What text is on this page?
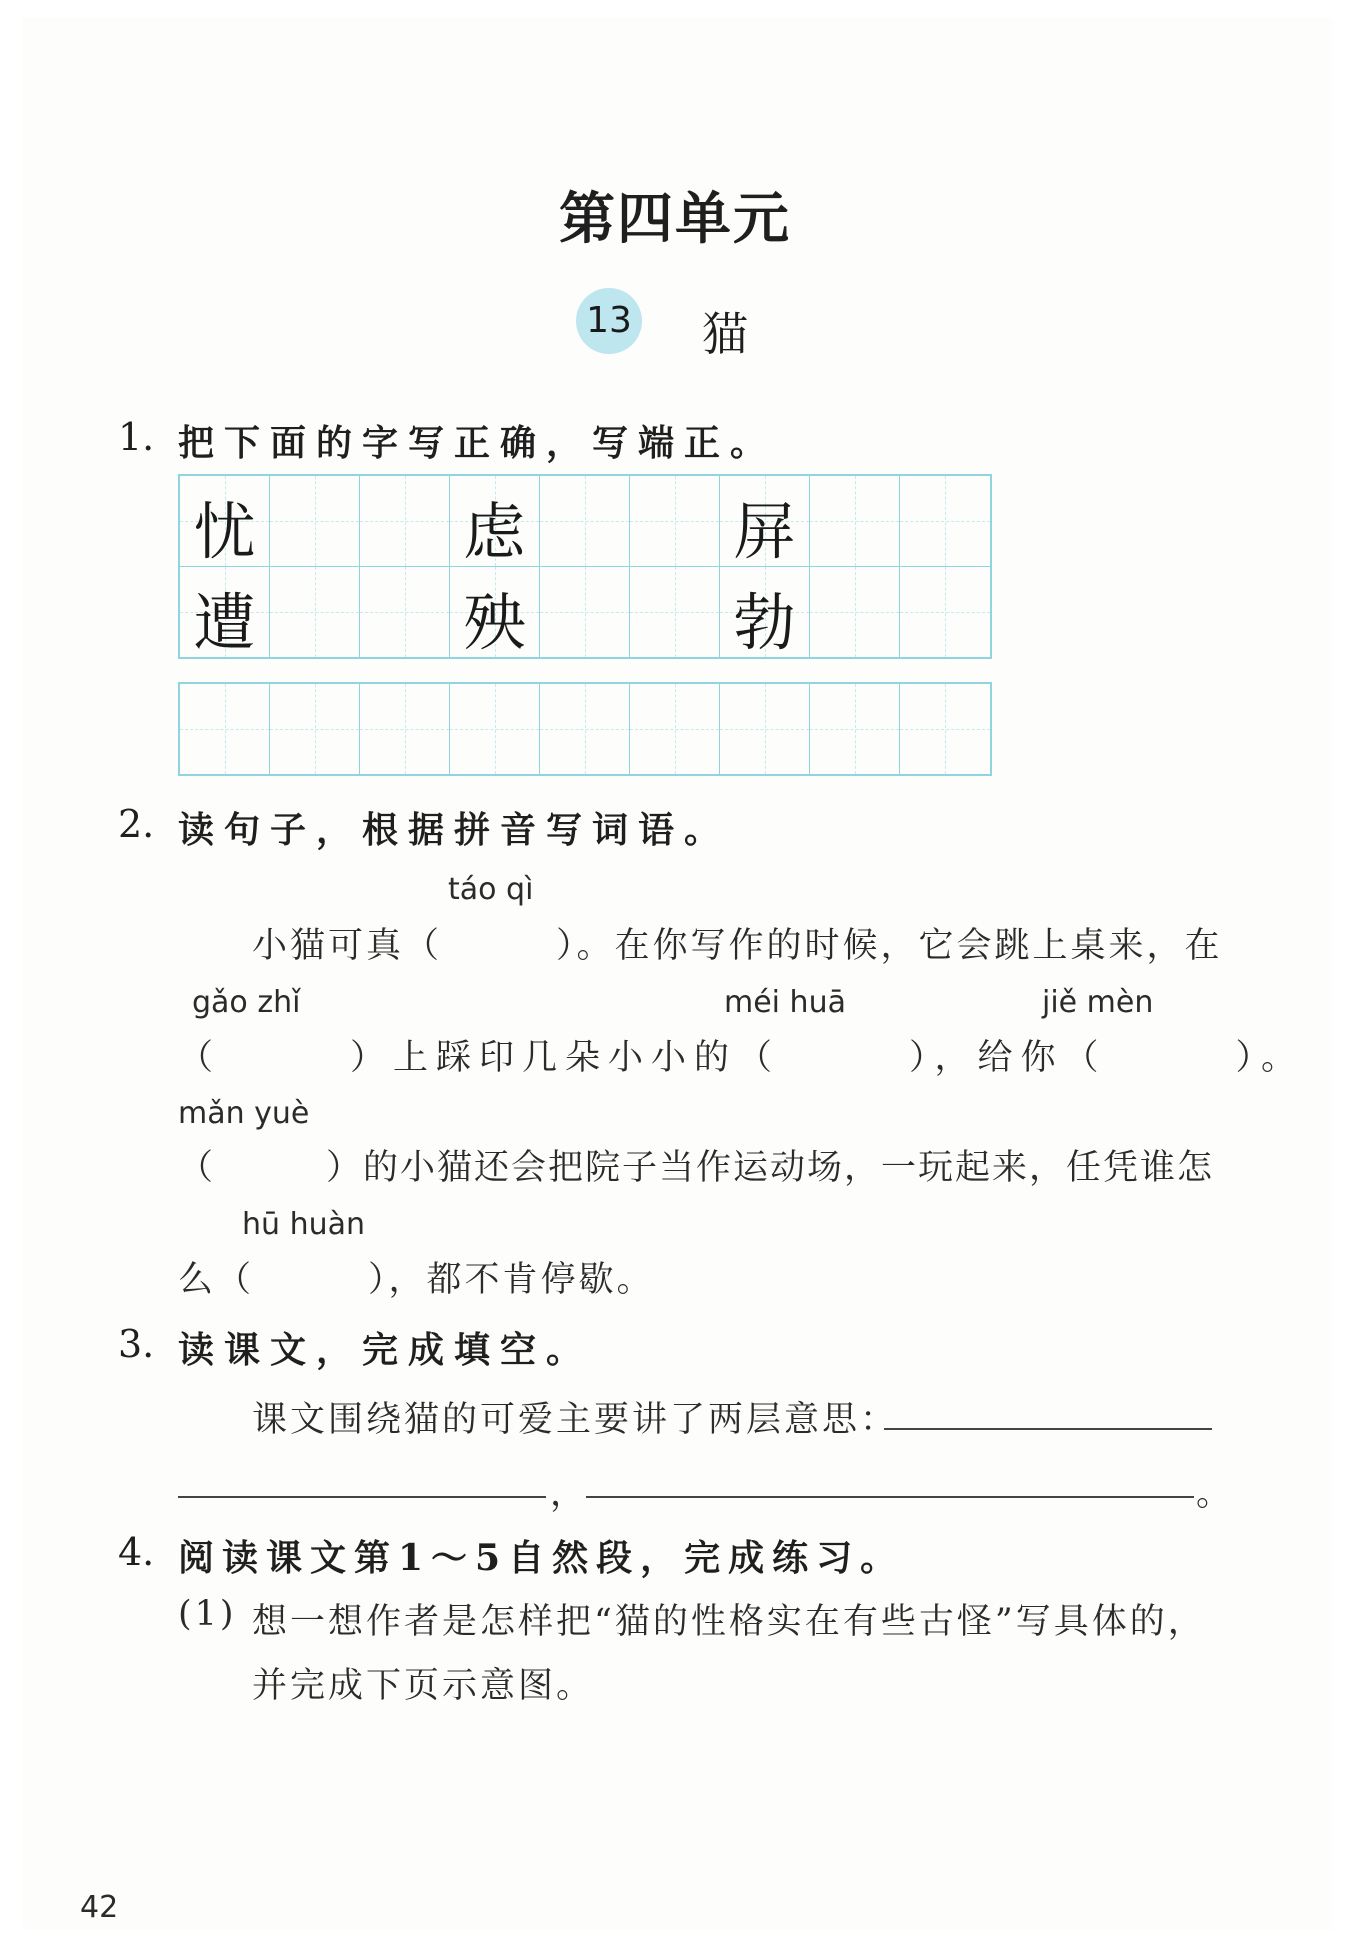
第四单元
13 猫
1. 把下面的字写正确，写端正。
忧	虑	屏
遭	殃	勃
2. 读句子，根据拼音写词语。
táo qì
小猫可真（　　　）。在你写作的时候，它会跳上桌来，在
gǎo zhǐ	méi huā	jiě mèn
（　　　）上踩印几朵小小的（　　　），给你（　　　）。
mǎn yuè
（　　　）的小猫还会把院子当作运动场，一玩起来，任凭谁怎
hū huàn
么（　　　），都不肯停歇。
3. 读课文，完成填空。
课文围绕猫的可爱主要讲了两层意思：
，	。
4. 阅读课文第1～5自然段，完成练习。
(1) 想一想作者是怎样把“猫的性格实在有些古怪”写具体的，
并完成下页示意图。
42
